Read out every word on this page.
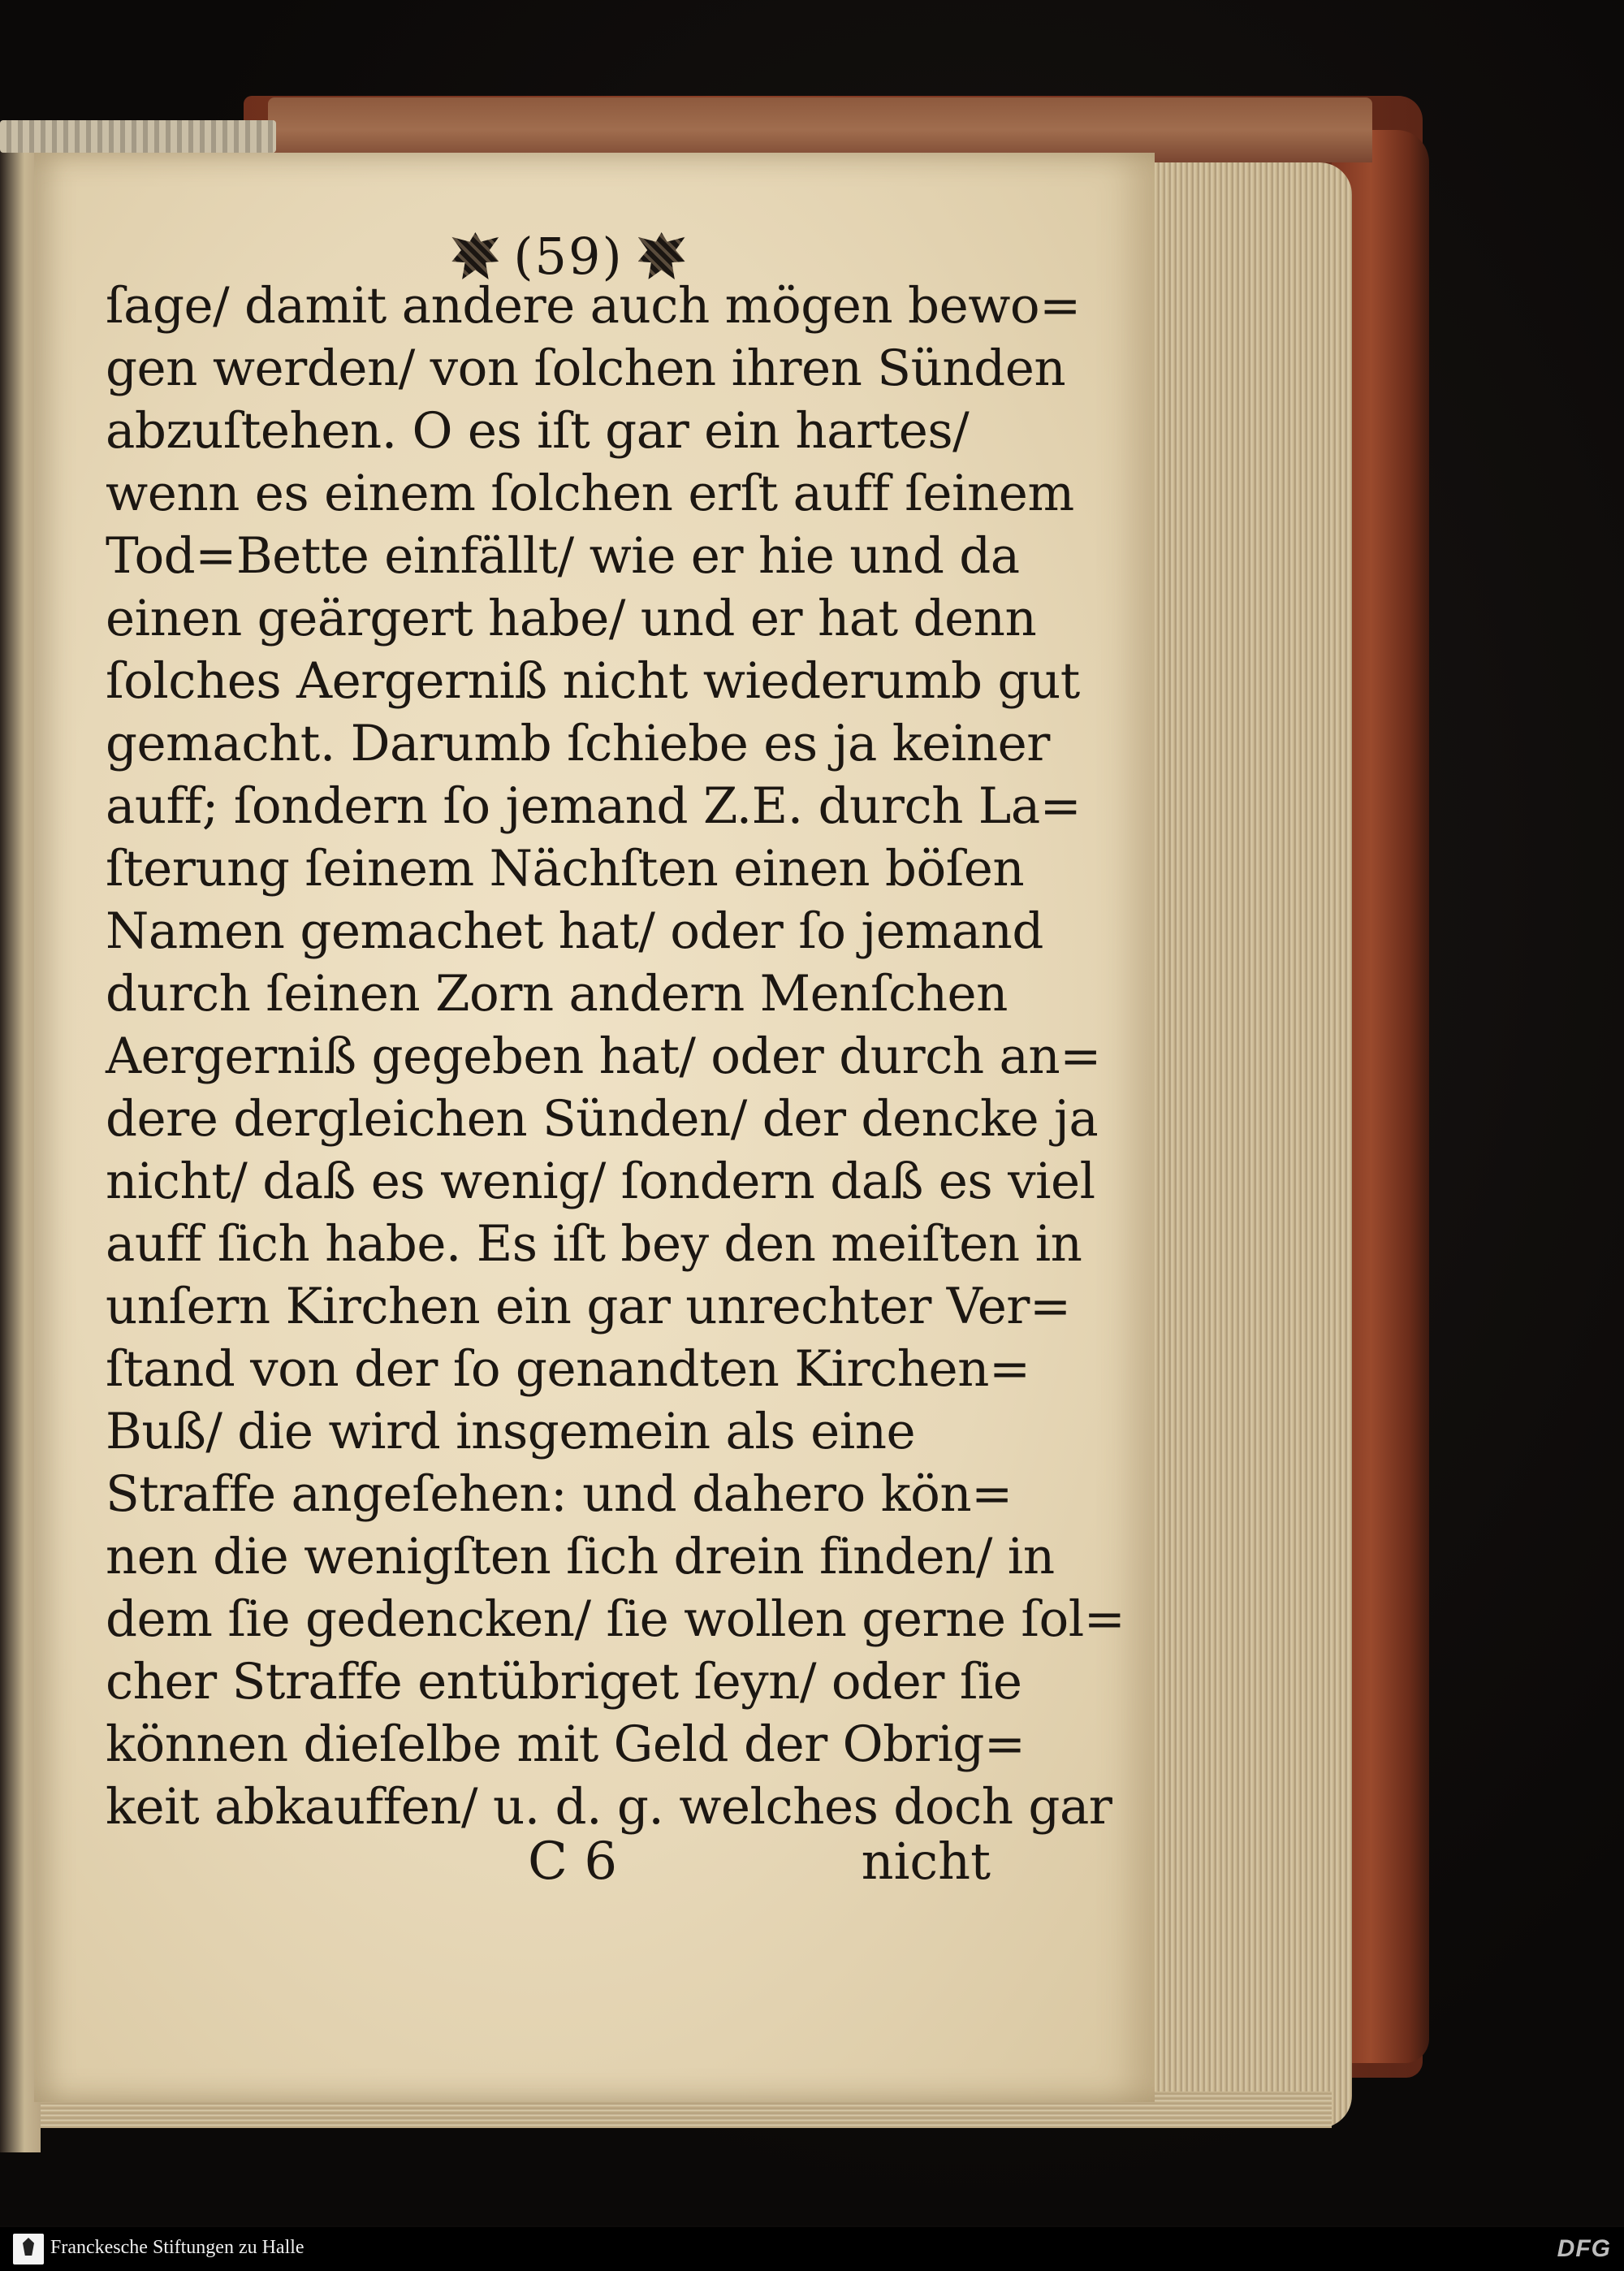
(59)
ſage/ damit andere auch mögen bewo=
gen werden/ von ſolchen ihren Sünden
abzuſtehen. O es iſt gar ein hartes/
wenn es einem ſolchen erſt auff ſeinem
Tod=Bette einfällt/ wie er hie und da
einen geärgert habe/ und er hat denn
ſolches Aergerniß nicht wiederumb gut
gemacht. Darumb ſchiebe es ja keiner
auff; ſondern ſo jemand Z.E. durch La=
ſterung ſeinem Nächſten einen böſen
Namen gemachet hat/ oder ſo jemand
durch ſeinen Zorn andern Menſchen
Aergerniß gegeben hat/ oder durch an=
dere dergleichen Sünden/ der dencke ja
nicht/ daß es wenig/ ſondern daß es viel
auff ſich habe. Es iſt bey den meiſten in
unſern Kirchen ein gar unrechter Ver=
ſtand von der ſo genandten Kirchen=
Buß/ die wird insgemein als eine
Straffe angeſehen: und dahero kön=
nen die wenigſten ſich drein finden/ in
dem ſie gedencken/ ſie wollen gerne ſol=
cher Straffe entübriget ſeyn/ oder ſie
können dieſelbe mit Geld der Obrig=
keit abkauffen/ u. d. g. welches doch gar
C 6	nicht
Franckesche Stiftungen zu Halle	DFG
